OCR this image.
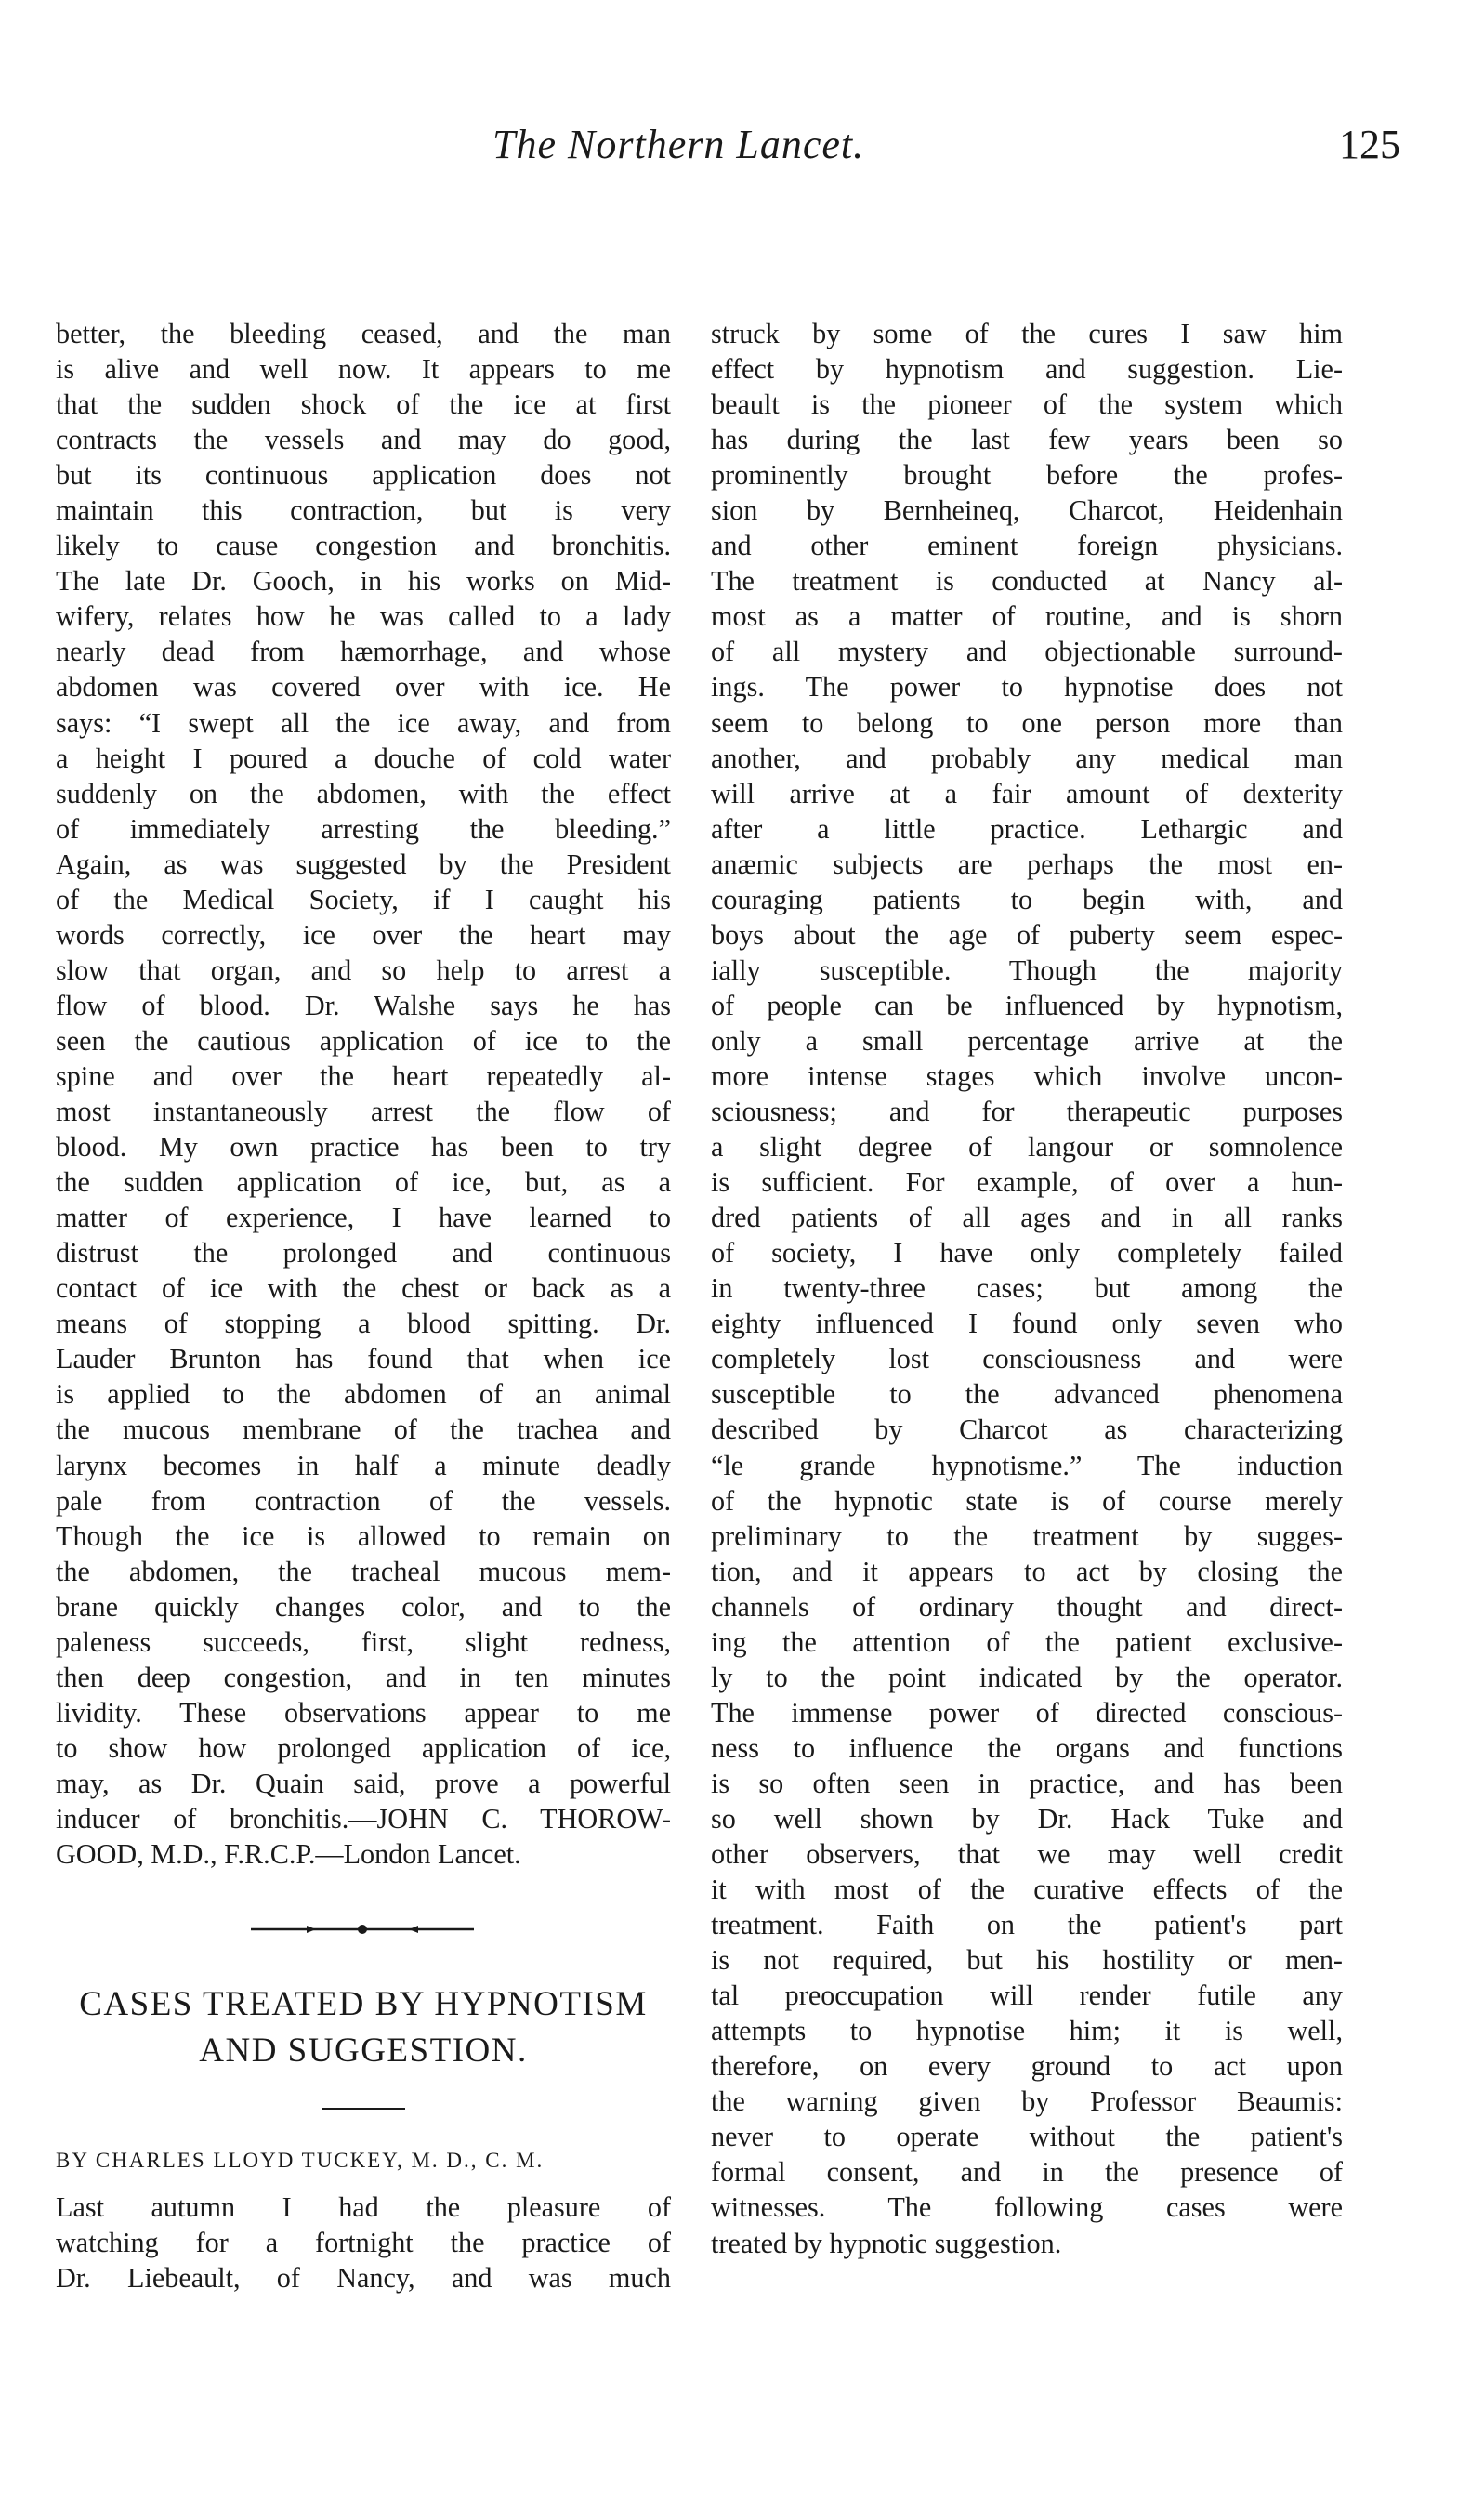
The Northern Lancet.	125
better, the bleeding ceased, and the man
is alive and well now. It appears to me
that the sudden shock of the ice at first
contracts the vessels and may do good,
but its continuous application does not
maintain this contraction, but is very
likely to cause congestion and bronchitis.
The late Dr. Gooch, in his works on Mid-
wifery, relates how he was called to a lady
nearly dead from hæmorrhage, and whose
abdomen was covered over with ice. He
says: “I swept all the ice away, and from
a height I poured a douche of cold water
suddenly on the abdomen, with the effect
of immediately arresting the bleeding.”
Again, as was suggested by the President
of the Medical Society, if I caught his
words correctly, ice over the heart may
slow that organ, and so help to arrest a
flow of blood. Dr. Walshe says he has
seen the cautious application of ice to the
spine and over the heart repeatedly al-
most instantaneously arrest the flow of
blood. My own practice has been to try
the sudden application of ice, but, as a
matter of experience, I have learned to
distrust the prolonged and continuous
contact of ice with the chest or back as a
means of stopping a blood spitting. Dr.
Lauder Brunton has found that when ice
is applied to the abdomen of an animal
the mucous membrane of the trachea and
larynx becomes in half a minute deadly
pale from contraction of the vessels.
Though the ice is allowed to remain on
the abdomen, the tracheal mucous mem-
brane quickly changes color, and to the
paleness succeeds, first, slight redness,
then deep congestion, and in ten minutes
lividity. These observations appear to me
to show how prolonged application of ice,
may, as Dr. Quain said, prove a powerful
inducer of bronchitis.—JOHN C. THOROW-
GOOD, M.D., F.R.C.P.—London Lancet.
CASES TREATED BY HYPNOTISM
AND SUGGESTION.
BY CHARLES LLOYD TUCKEY, M. D., C. M.
Last autumn I had the pleasure of
watching for a fortnight the practice of
Dr. Liebeault, of Nancy, and was much
struck by some of the cures I saw him
effect by hypnotism and suggestion. Lie-
beault is the pioneer of the system which
has during the last few years been so
prominently brought before the profes-
sion by Bernheineq, Charcot, Heidenhain
and other eminent foreign physicians.
The treatment is conducted at Nancy al-
most as a matter of routine, and is shorn
of all mystery and objectionable surround-
ings. The power to hypnotise does not
seem to belong to one person more than
another, and probably any medical man
will arrive at a fair amount of dexterity
after a little practice. Lethargic and
anæmic subjects are perhaps the most en-
couraging patients to begin with, and
boys about the age of puberty seem espec-
ially susceptible. Though the majority
of people can be influenced by hypnotism,
only a small percentage arrive at the
more intense stages which involve uncon-
sciousness; and for therapeutic purposes
a slight degree of langour or somnolence
is sufficient. For example, of over a hun-
dred patients of all ages and in all ranks
of society, I have only completely failed
in twenty-three cases; but among the
eighty influenced I found only seven who
completely lost consciousness and were
susceptible to the advanced phenomena
described by Charcot as characterizing
“le grande hypnotisme.” The induction
of the hypnotic state is of course merely
preliminary to the treatment by sugges-
tion, and it appears to act by closing the
channels of ordinary thought and direct-
ing the attention of the patient exclusive-
ly to the point indicated by the operator.
The immense power of directed conscious-
ness to influence the organs and functions
is so often seen in practice, and has been
so well shown by Dr. Hack Tuke and
other observers, that we may well credit
it with most of the curative effects of the
treatment. Faith on the patient's part
is not required, but his hostility or men-
tal preoccupation will render futile any
attempts to hypnotise him; it is well,
therefore, on every ground to act upon
the warning given by Professor Beaumis:
never to operate without the patient's
formal consent, and in the presence of
witnesses. The following cases were
treated by hypnotic suggestion.
